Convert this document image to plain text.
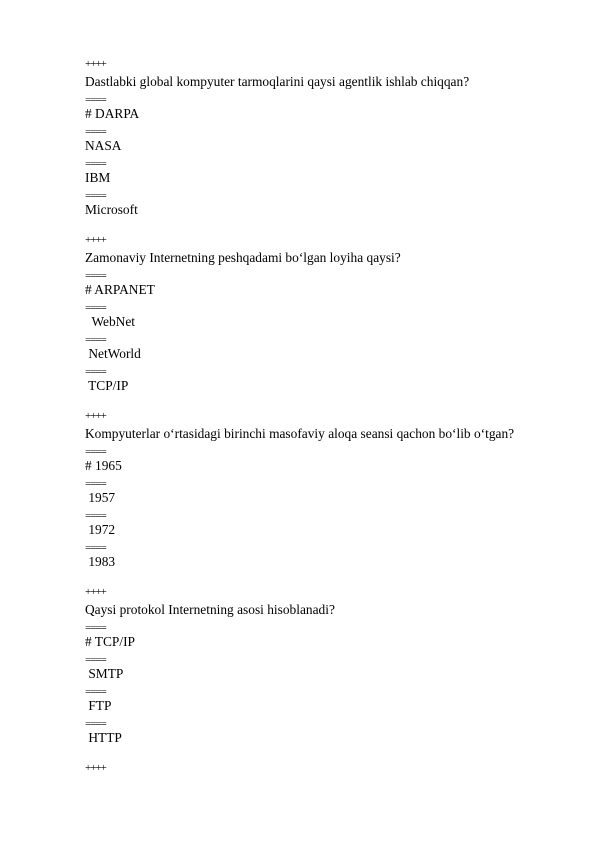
++++
Dastlabki global kompyuter tarmoqlarini qaysi agentlik ishlab chiqqan?
====
# DARPA
====
NASA
====
IBM
====
Microsoft
++++
Zamonaviy Internetning peshqadami bo‘lgan loyiha qaysi?
====
# ARPANET
====
WebNet
====
NetWorld
====
TCP/IP
++++
Kompyuterlar o‘rtasidagi birinchi masofaviy aloqa seansi qachon bo‘lib o‘tgan?
====
# 1965
====
1957
====
1972
====
1983
++++
Qaysi protokol Internetning asosi hisoblanadi?
====
# TCP/IP
====
SMTP
====
FTP
====
HTTP
++++
